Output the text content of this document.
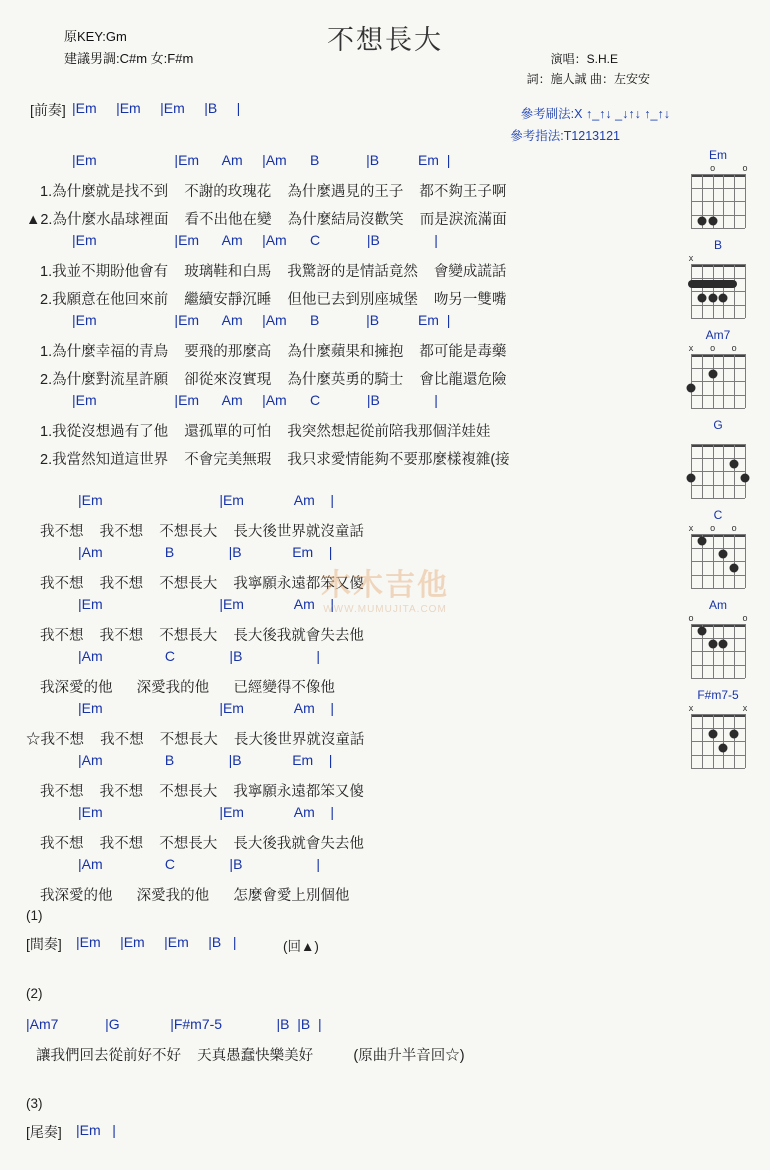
原KEY:Gm
建議男調:C#m 女:F#m
不想長大
演唱：S.H.E
詞：施人誠 曲：左安安
[前奏] |Em     |Em     |Em     |B     |	參考刷法:X ↑_↑↓ _↓↑↓ ↑_↑↓
參考指法:T1213121
|Em                    |Em      Am     |Am      B            |B          Em  |
1.為什麼就是找不到    不謝的玫瑰花    為什麼遇見的王子    都不夠王子啊
▲2.為什麼水晶球裡面    看不出他在變    為什麼結局沒歡笑    而是淚流滿面
|Em                    |Em      Am     |Am      C            |B              |
1.我並不期盼他會有    玻璃鞋和白馬    我驚訝的是情話竟然    會變成謊話
2.我願意在他回來前    繼續安靜沉睡    但他已去到別座城堡    吻另一雙嘴
|Em                    |Em      Am     |Am      B            |B          Em  |
1.為什麼幸福的青鳥    要飛的那麼高    為什麼蘋果和擁抱    都可能是毒藥
2.為什麼對流星許願    卻從來沒實現    為什麼英勇的騎士    會比龍還危險
|Em                    |Em      Am     |Am      C            |B              |
1.我從沒想過有了他    還孤單的可怕    我突然想起從前陪我那個洋娃娃
2.我當然知道這世界    不會完美無瑕    我只求愛情能夠不要那麼樣複雜(接
|Em                              |Em             Am    |
我不想    我不想    不想長大    長大後世界就沒童話
|Am                B              |B             Em    |
我不想    我不想    不想長大    我寧願永遠都笨又傻
|Em                              |Em             Am    |
我不想    我不想    不想長大    長大後我就會失去他
|Am                C              |B                   |
我深愛的他      深愛我的他      已經變得不像他
|Em                              |Em             Am    |
☆我不想    我不想    不想長大    長大後世界就沒童話
|Am                B              |B             Em    |
我不想    我不想    不想長大    我寧願永遠都笨又傻
|Em                              |Em             Am    |
我不想    我不想    不想長大    長大後我就會失去他
|Am                C              |B                   |
我深愛的他      深愛我的他      怎麼會愛上別個他
(1)
[間奏] |Em     |Em     |Em     |B   |	(回▲)
(2)
|Am7            |G             |F#m7-5              |B  |B  |
讓我們回去從前好不好    天真愚蠢快樂美好          (原曲升半音回☆)
(3)
[尾奏] |Em   |
木木吉他
WWW.MUMUJITA.COM
Em
o	o
B
x
Am7
x o o
G
C
x o o
Am
o	o
F#m7-5
x	x
